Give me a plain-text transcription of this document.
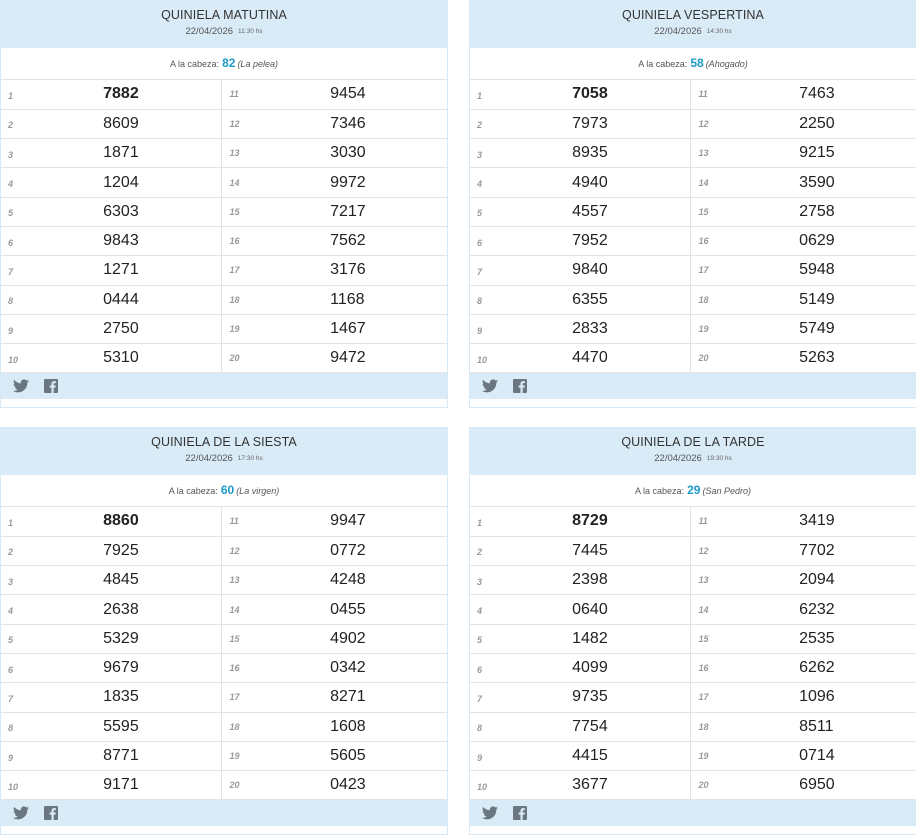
QUINIELA MATUTINA
22/04/2026 11:30 hs
A la cabeza: 82 (La pelea)
1	7882	11	9454
2	8609	12	7346
3	1871	13	3030
4	1204	14	9972
5	6303	15	7217
6	9843	16	7562
7	1271	17	3176
8	0444	18	1168
9	2750	19	1467
10	5310	20	9472
QUINIELA VESPERTINA
22/04/2026 14:30 hs
A la cabeza: 58 (Ahogado)
1	7058	11	7463
2	7973	12	2250
3	8935	13	9215
4	4940	14	3590
5	4557	15	2758
6	7952	16	0629
7	9840	17	5948
8	6355	18	5149
9	2833	19	5749
10	4470	20	5263
QUINIELA DE LA SIESTA
22/04/2026 17:30 hs
A la cabeza: 60 (La virgen)
1	8860	11	9947
2	7925	12	0772
3	4845	13	4248
4	2638	14	0455
5	5329	15	4902
6	9679	16	0342
7	1835	17	8271
8	5595	18	1608
9	8771	19	5605
10	9171	20	0423
QUINIELA DE LA TARDE
22/04/2026 19:30 hs
A la cabeza: 29 (San Pedro)
1	8729	11	3419
2	7445	12	7702
3	2398	13	2094
4	0640	14	6232
5	1482	15	2535
6	4099	16	6262
7	9735	17	1096
8	7754	18	8511
9	4415	19	0714
10	3677	20	6950
